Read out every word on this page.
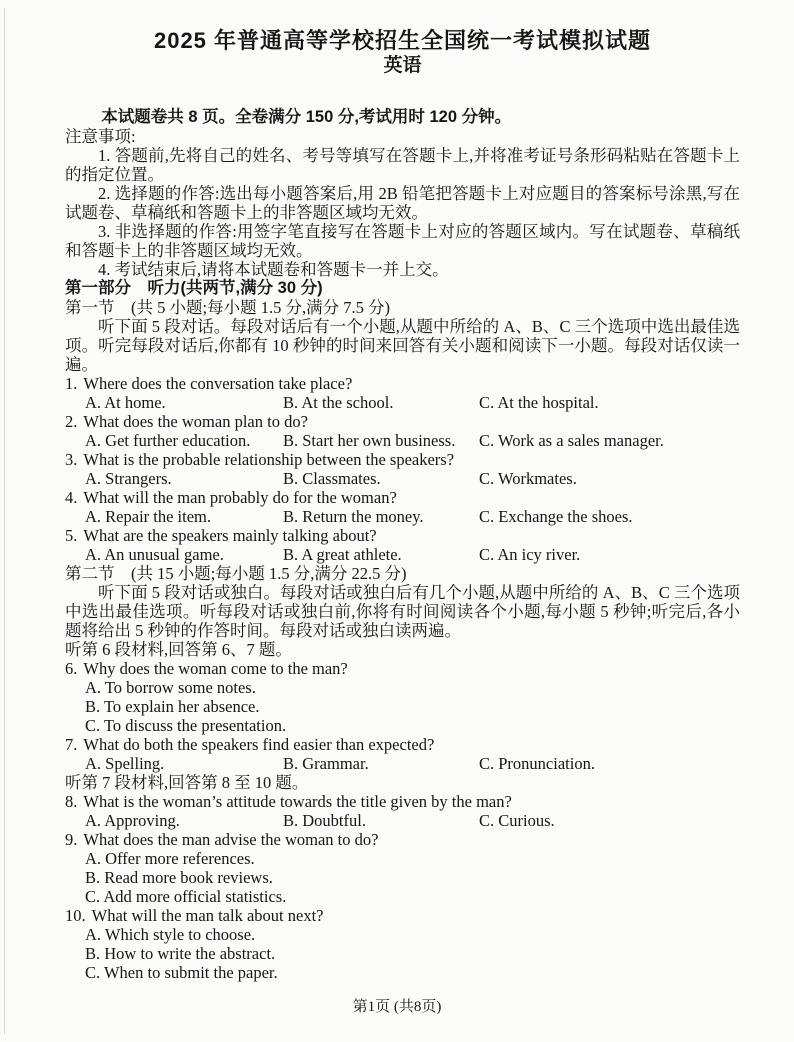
2025 年普通高等学校招生全国统一考试模拟试题
英语

本试题卷共 8 页。全卷满分 150 分,考试用时 120 分钟。

注意事项:

1. 答题前,先将自己的姓名、考号等填写在答题卡上,并将准考证号条形码粘贴在答题卡上的指定位置。

2. 选择题的作答:选出每小题答案后,用 2B 铅笔把答题卡上对应题目的答案标号涂黑,写在试题卷、草稿纸和答题卡上的非答题区域均无效。

3. 非选择题的作答:用签字笔直接写在答题卡上对应的答题区域内。写在试题卷、草稿纸和答题卡上的非答题区域均无效。

4. 考试结束后,请将本试题卷和答题卡一并上交。

第一部分　听力(共两节,满分 30 分)

第一节　(共 5 小题;每小题 1.5 分,满分 7.5 分)

听下面 5 段对话。每段对话后有一个小题,从题中所给的 A、B、C 三个选项中选出最佳选项。听完每段对话后,你都有 10 秒钟的时间来回答有关小题和阅读下一小题。每段对话仅读一遍。

1. Where does the conversation take place?

A. At home.	B. At the school.	C. At the hospital.

2. What does the woman plan to do?

A. Get further education.	B. Start her own business.	C. Work as a sales manager.

3. What is the probable relationship between the speakers?

A. Strangers.	B. Classmates.	C. Workmates.

4. What will the man probably do for the woman?

A. Repair the item.	B. Return the money.	C. Exchange the shoes.

5. What are the speakers mainly talking about?

A. An unusual game.	B. A great athlete.	C. An icy river.

第二节　(共 15 小题;每小题 1.5 分,满分 22.5 分)

听下面 5 段对话或独白。每段对话或独白后有几个小题,从题中所给的 A、B、C 三个选项中选出最佳选项。听每段对话或独白前,你将有时间阅读各个小题,每小题 5 秒钟;听完后,各小题将给出 5 秒钟的作答时间。每段对话或独白读两遍。

听第 6 段材料,回答第 6、7 题。

6. Why does the woman come to the man?

A. To borrow some notes.

B. To explain her absence.

C. To discuss the presentation.

7. What do both the speakers find easier than expected?

A. Spelling.	B. Grammar.	C. Pronunciation.

听第 7 段材料,回答第 8 至 10 题。

8. What is the woman’s attitude towards the title given by the man?

A. Approving.	B. Doubtful.	C. Curious.

9. What does the man advise the woman to do?

A. Offer more references.

B. Read more book reviews.

C. Add more official statistics.

10. What will the man talk about next?

A. Which style to choose.

B. How to write the abstract.

C. When to submit the paper.

第1页 (共8页)
